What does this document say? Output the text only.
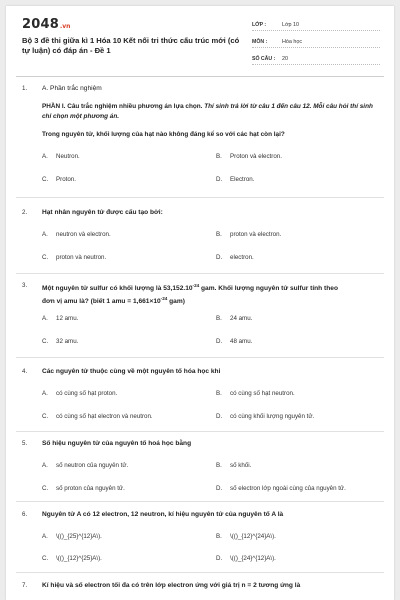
2048 .vn
Bộ 3 đề thi giữa kì 1 Hóa 10 Kết nối tri thức cấu trúc mới (có tự luận) có đáp án - Đề 1
LỚP :	Lớp 10
MÔN :	Hóa học
SỐ CÂU :	20
1.	A. Phần trắc nghiệm
PHẦN I. Câu trắc nghiệm nhiều phương án lựa chọn. Thí sinh trả lời từ câu 1 đến câu 12. Mỗi câu hỏi thí sinh chỉ chọn một phương án.
Trong nguyên tử, khối lượng của hạt nào không đáng kể so với các hạt còn lại?
A.	Neutron.	B.	Proton và electron.
C.	Proton.	D.	Electron.
2.	Hạt nhân nguyên tử được cấu tạo bởi:
A.	neutron và electron.	B.	proton và electron.
C.	proton và neutron.	D.	electron.
3.	Một nguyên tử sulfur có khối lượng là $53,152.10^{-24}$ gam. Khối lượng nguyên tử sulfur tính theo
đơn vị amu là? (biết 1 amu = $1,661\times 10^{-24}$ gam)
A.	12 amu.	B.	24 amu.
C.	32 amu.	D.	48 amu.
4.	Các nguyên tử thuộc cùng về một nguyên tố hóa học khi
A.	có cùng số hạt proton.	B.	có cùng số hạt neutron.
C.	có cùng số hạt electron và neutron.	D.	có cùng khối lượng nguyên tử.
5.	Số hiệu nguyên tử của nguyên tố hoá học bằng
A.	số neutron của nguyên tử.	B.	số khối.
C.	số proton của nguyên tử.	D.	số electron lớp ngoài cùng của nguyên tử.
6.	Nguyên tử A có 12 electron, 12 neutron, kí hiệu nguyên tử của nguyên tố A là
A.	\(()_{25}^{12}A\).	B.	\(()_{12}^{24}A\).
C.	\(()_{12}^{25}A\).	D.	\(()_{24}^{12}A\).
7.	Kí hiệu và số electron tối đa có trên lớp electron ứng với giá trị n = 2 tương ứng là
